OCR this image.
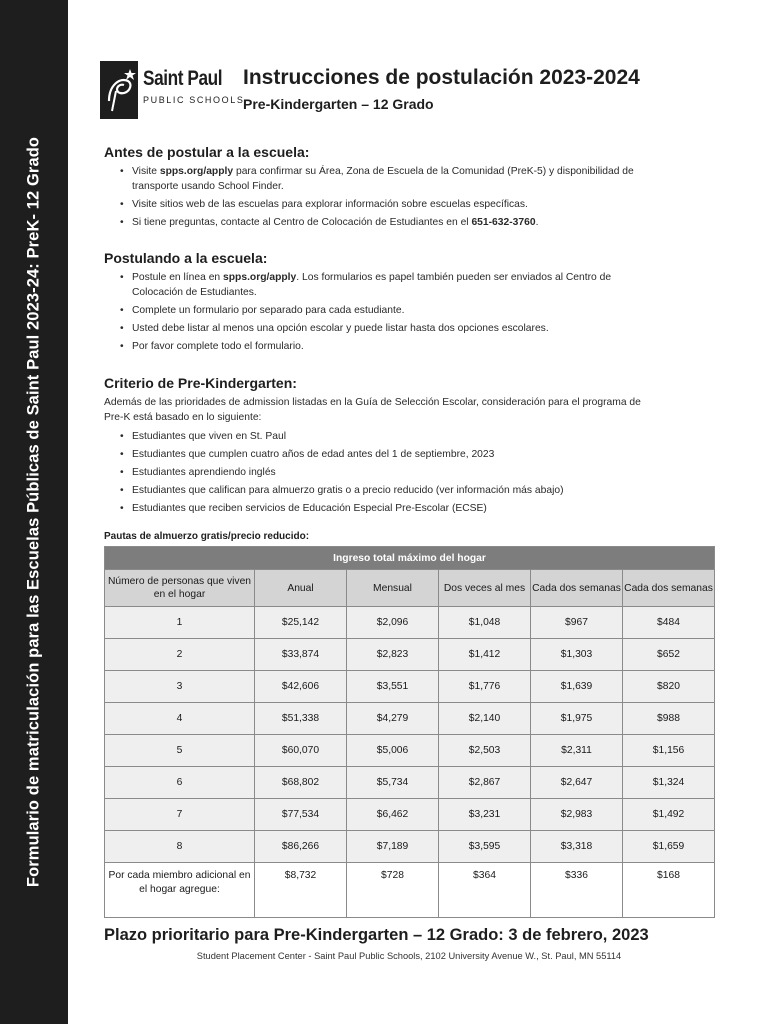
Formulario de matriculación para las Escuelas Públicas de Saint Paul 2023-24: PreK- 12 Grado
Saint Paul
PUBLIC SCHOOLS
Instrucciones de postulación 2023-2024
Pre-Kindergarten – 12 Grado
Antes de postular a la escuela:
• Visite spps.org/apply para confirmar su Área, Zona de Escuela de la Comunidad (PreK-5) y disponibilidad de transporte usando School Finder.
• Visite sitios web de las escuelas para explorar información sobre escuelas específicas.
• Si tiene preguntas, contacte al Centro de Colocación de Estudiantes en el 651-632-3760.
Postulando a la escuela:
• Postule en línea en spps.org/apply. Los formularios es papel también pueden ser enviados al Centro de Colocación de Estudiantes.
• Complete un formulario por separado para cada estudiante.
• Usted debe listar al menos una opción escolar y puede listar hasta dos opciones escolares.
• Por favor complete todo el formulario.
Criterio de Pre-Kindergarten:
Además de las prioridades de admission listadas en la Guía de Selección Escolar, consideración para el programa de Pre-K está basado en lo siguiente:
• Estudiantes que viven en St. Paul
• Estudiantes que cumplen cuatro años de edad antes del 1 de septiembre, 2023
• Estudiantes aprendiendo inglés
• Estudiantes que califican para almuerzo gratis o a precio reducido (ver información más abajo)
• Estudiantes que reciben servicios de Educación Especial Pre-Escolar (ECSE)
Pautas de almuerzo gratis/precio reducido:
Ingreso total máximo del hogar					
Número de personas que viven en el hogar	Anual	Mensual	Dos veces al mes	Cada dos semanas	Cada dos semanas
1	$25,142	$2,096	$1,048	$967	$484
2	$33,874	$2,823	$1,412	$1,303	$652
3	$42,606	$3,551	$1,776	$1,639	$820
4	$51,338	$4,279	$2,140	$1,975	$988
5	$60,070	$5,006	$2,503	$2,311	$1,156
6	$68,802	$5,734	$2,867	$2,647	$1,324
7	$77,534	$6,462	$3,231	$2,983	$1,492
8	$86,266	$7,189	$3,595	$3,318	$1,659
Por cada miembro adicional en el hogar agregue:	$8,732	$728	$364	$336	$168
Plazo prioritario para Pre-Kindergarten – 12 Grado: 3 de febrero, 2023
Student Placement Center - Saint Paul Public Schools, 2102 University Avenue W., St. Paul, MN 55114
